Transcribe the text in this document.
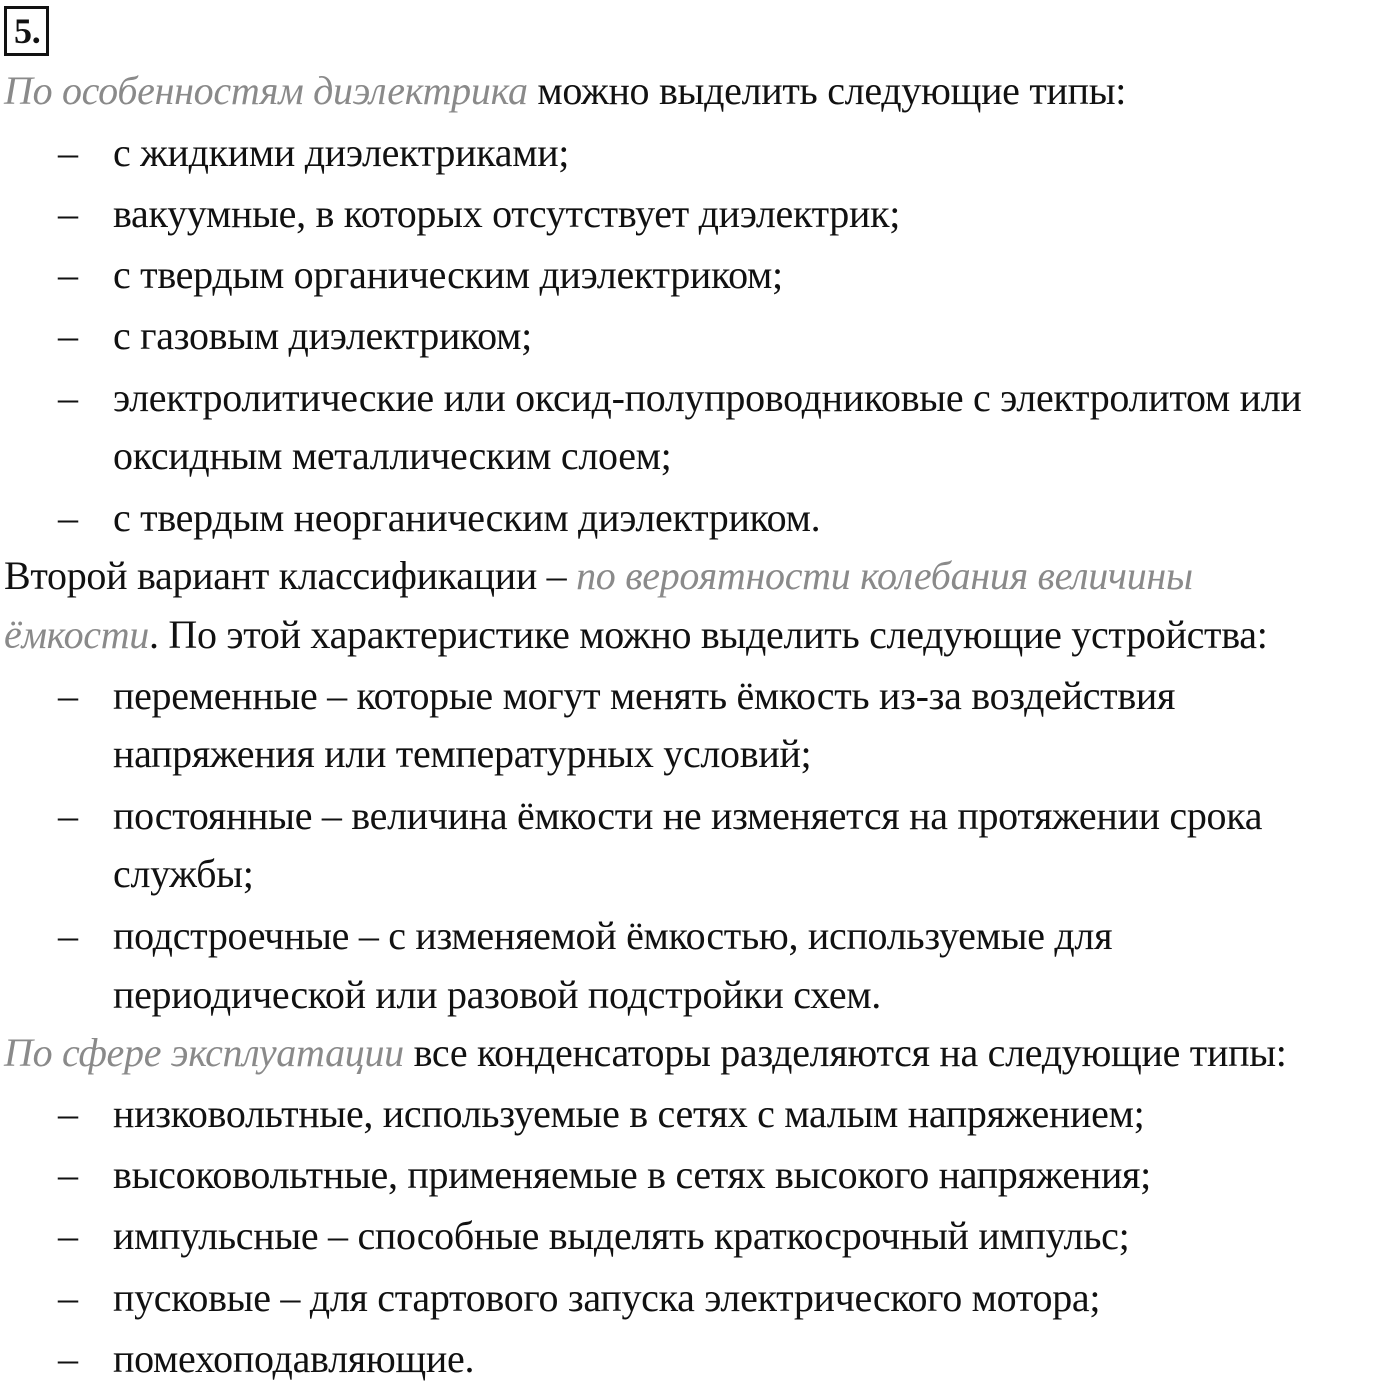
5.
По особенностям диэлектрика можно выделить следующие типы:
– с жидкими диэлектриками;
– вакуумные, в которых отсутствует диэлектрик;
– с твердым органическим диэлектриком;
– с газовым диэлектриком;
– электролитические или оксид-полупроводниковые с электролитом или
оксидным металлическим слоем;
– с твердым неорганическим диэлектриком.
Второй вариант классификации – по вероятности колебания величины
ёмкости. По этой характеристике можно выделить следующие устройства:
– переменные – которые могут менять ёмкость из-за воздействия
напряжения или температурных условий;
– постоянные – величина ёмкости не изменяется на протяжении срока
службы;
– подстроечные – с изменяемой ёмкостью, используемые для
периодической или разовой подстройки схем.
По сфере эксплуатации все конденсаторы разделяются на следующие типы:
– низковольтные, используемые в сетях с малым напряжением;
– высоковольтные, применяемые в сетях высокого напряжения;
– импульсные – способные выделять краткосрочный импульс;
– пусковые – для стартового запуска электрического мотора;
– помехоподавляющие.
